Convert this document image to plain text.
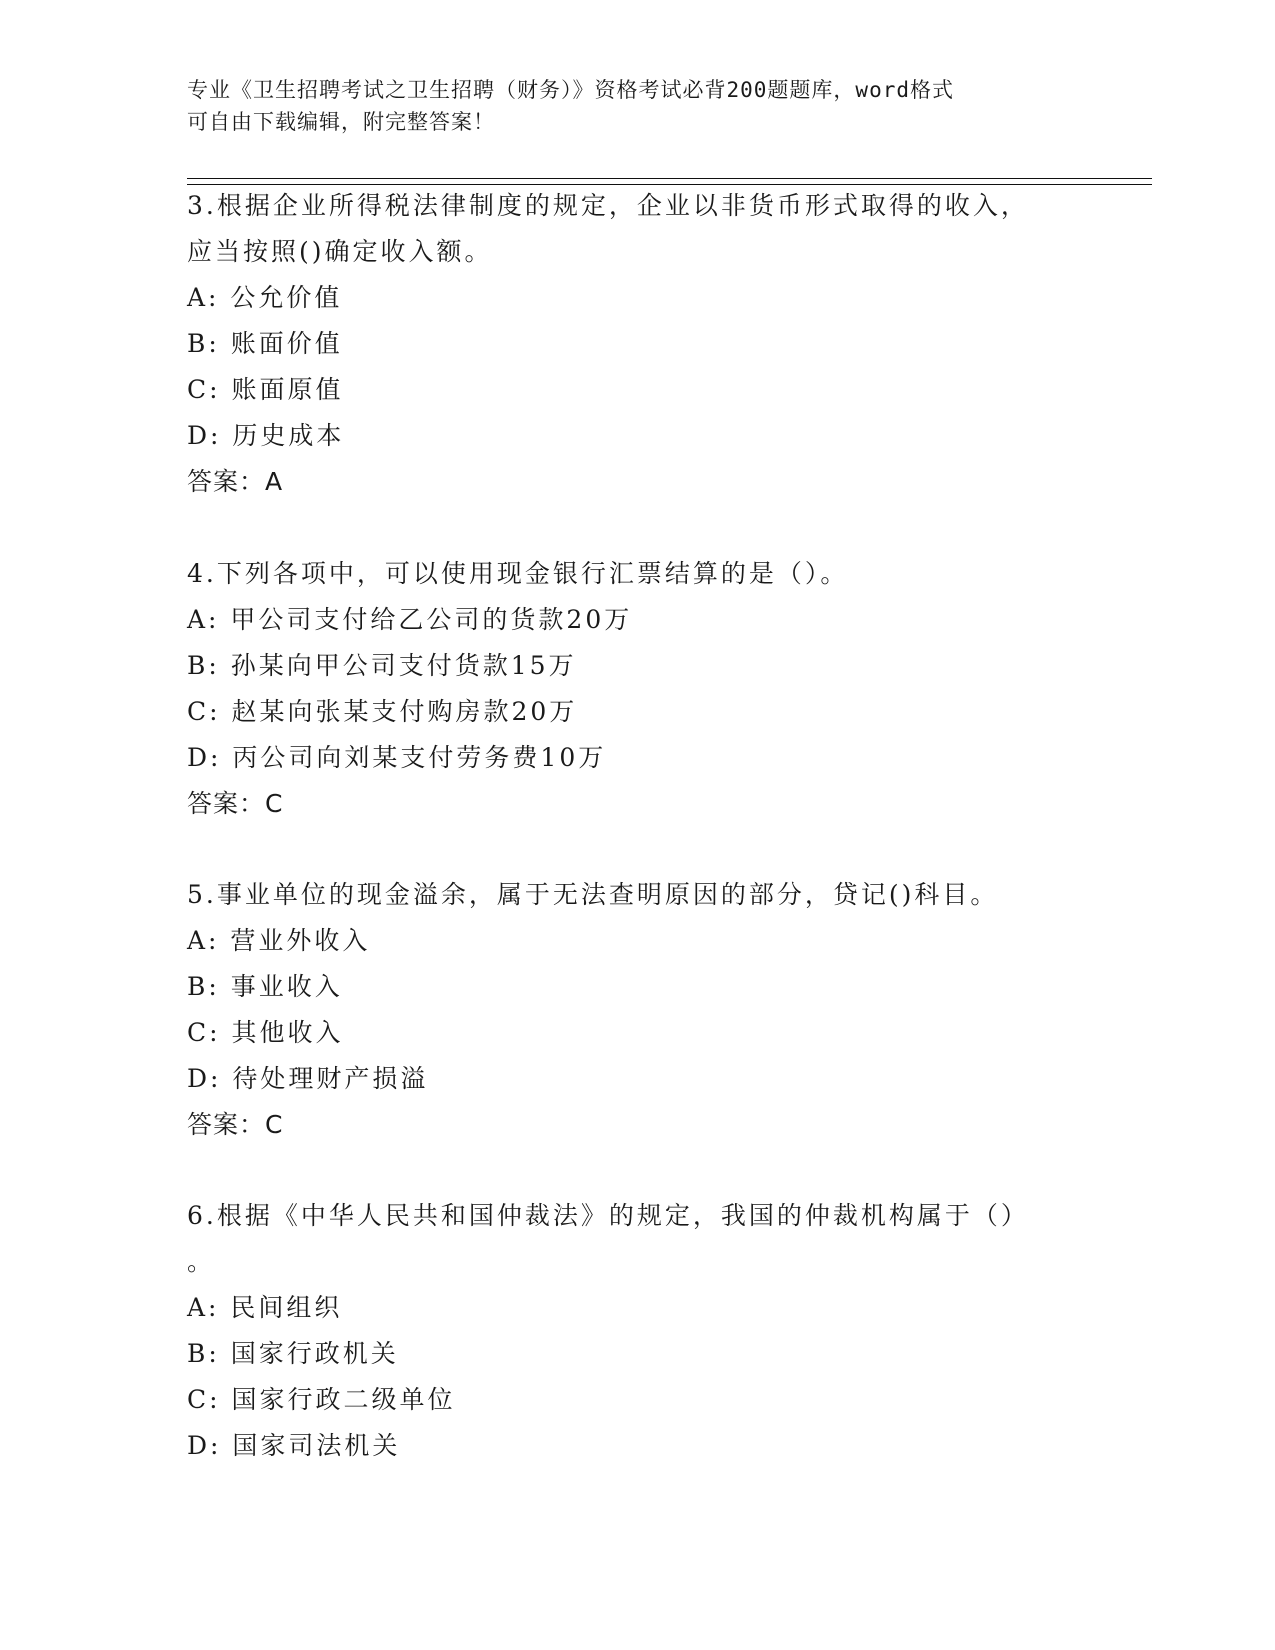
专业《卫生招聘考试之卫生招聘（财务）》资格考试必背200题题库，word格式
可自由下载编辑，附完整答案！
3.根据企业所得税法律制度的规定，企业以非货币形式取得的收入，
应当按照()确定收入额。
A: 公允价值
B: 账面价值
C: 账面原值
D: 历史成本
答案：A
4.下列各项中，可以使用现金银行汇票结算的是（）。
A: 甲公司支付给乙公司的货款20万
B: 孙某向甲公司支付货款15万
C: 赵某向张某支付购房款20万
D: 丙公司向刘某支付劳务费10万
答案：C
5.事业单位的现金溢余，属于无法查明原因的部分，贷记()科目。
A: 营业外收入
B: 事业收入
C: 其他收入
D: 待处理财产损溢
答案：C
6.根据《中华人民共和国仲裁法》的规定，我国的仲裁机构属于（）
。
A: 民间组织
B: 国家行政机关
C: 国家行政二级单位
D: 国家司法机关
